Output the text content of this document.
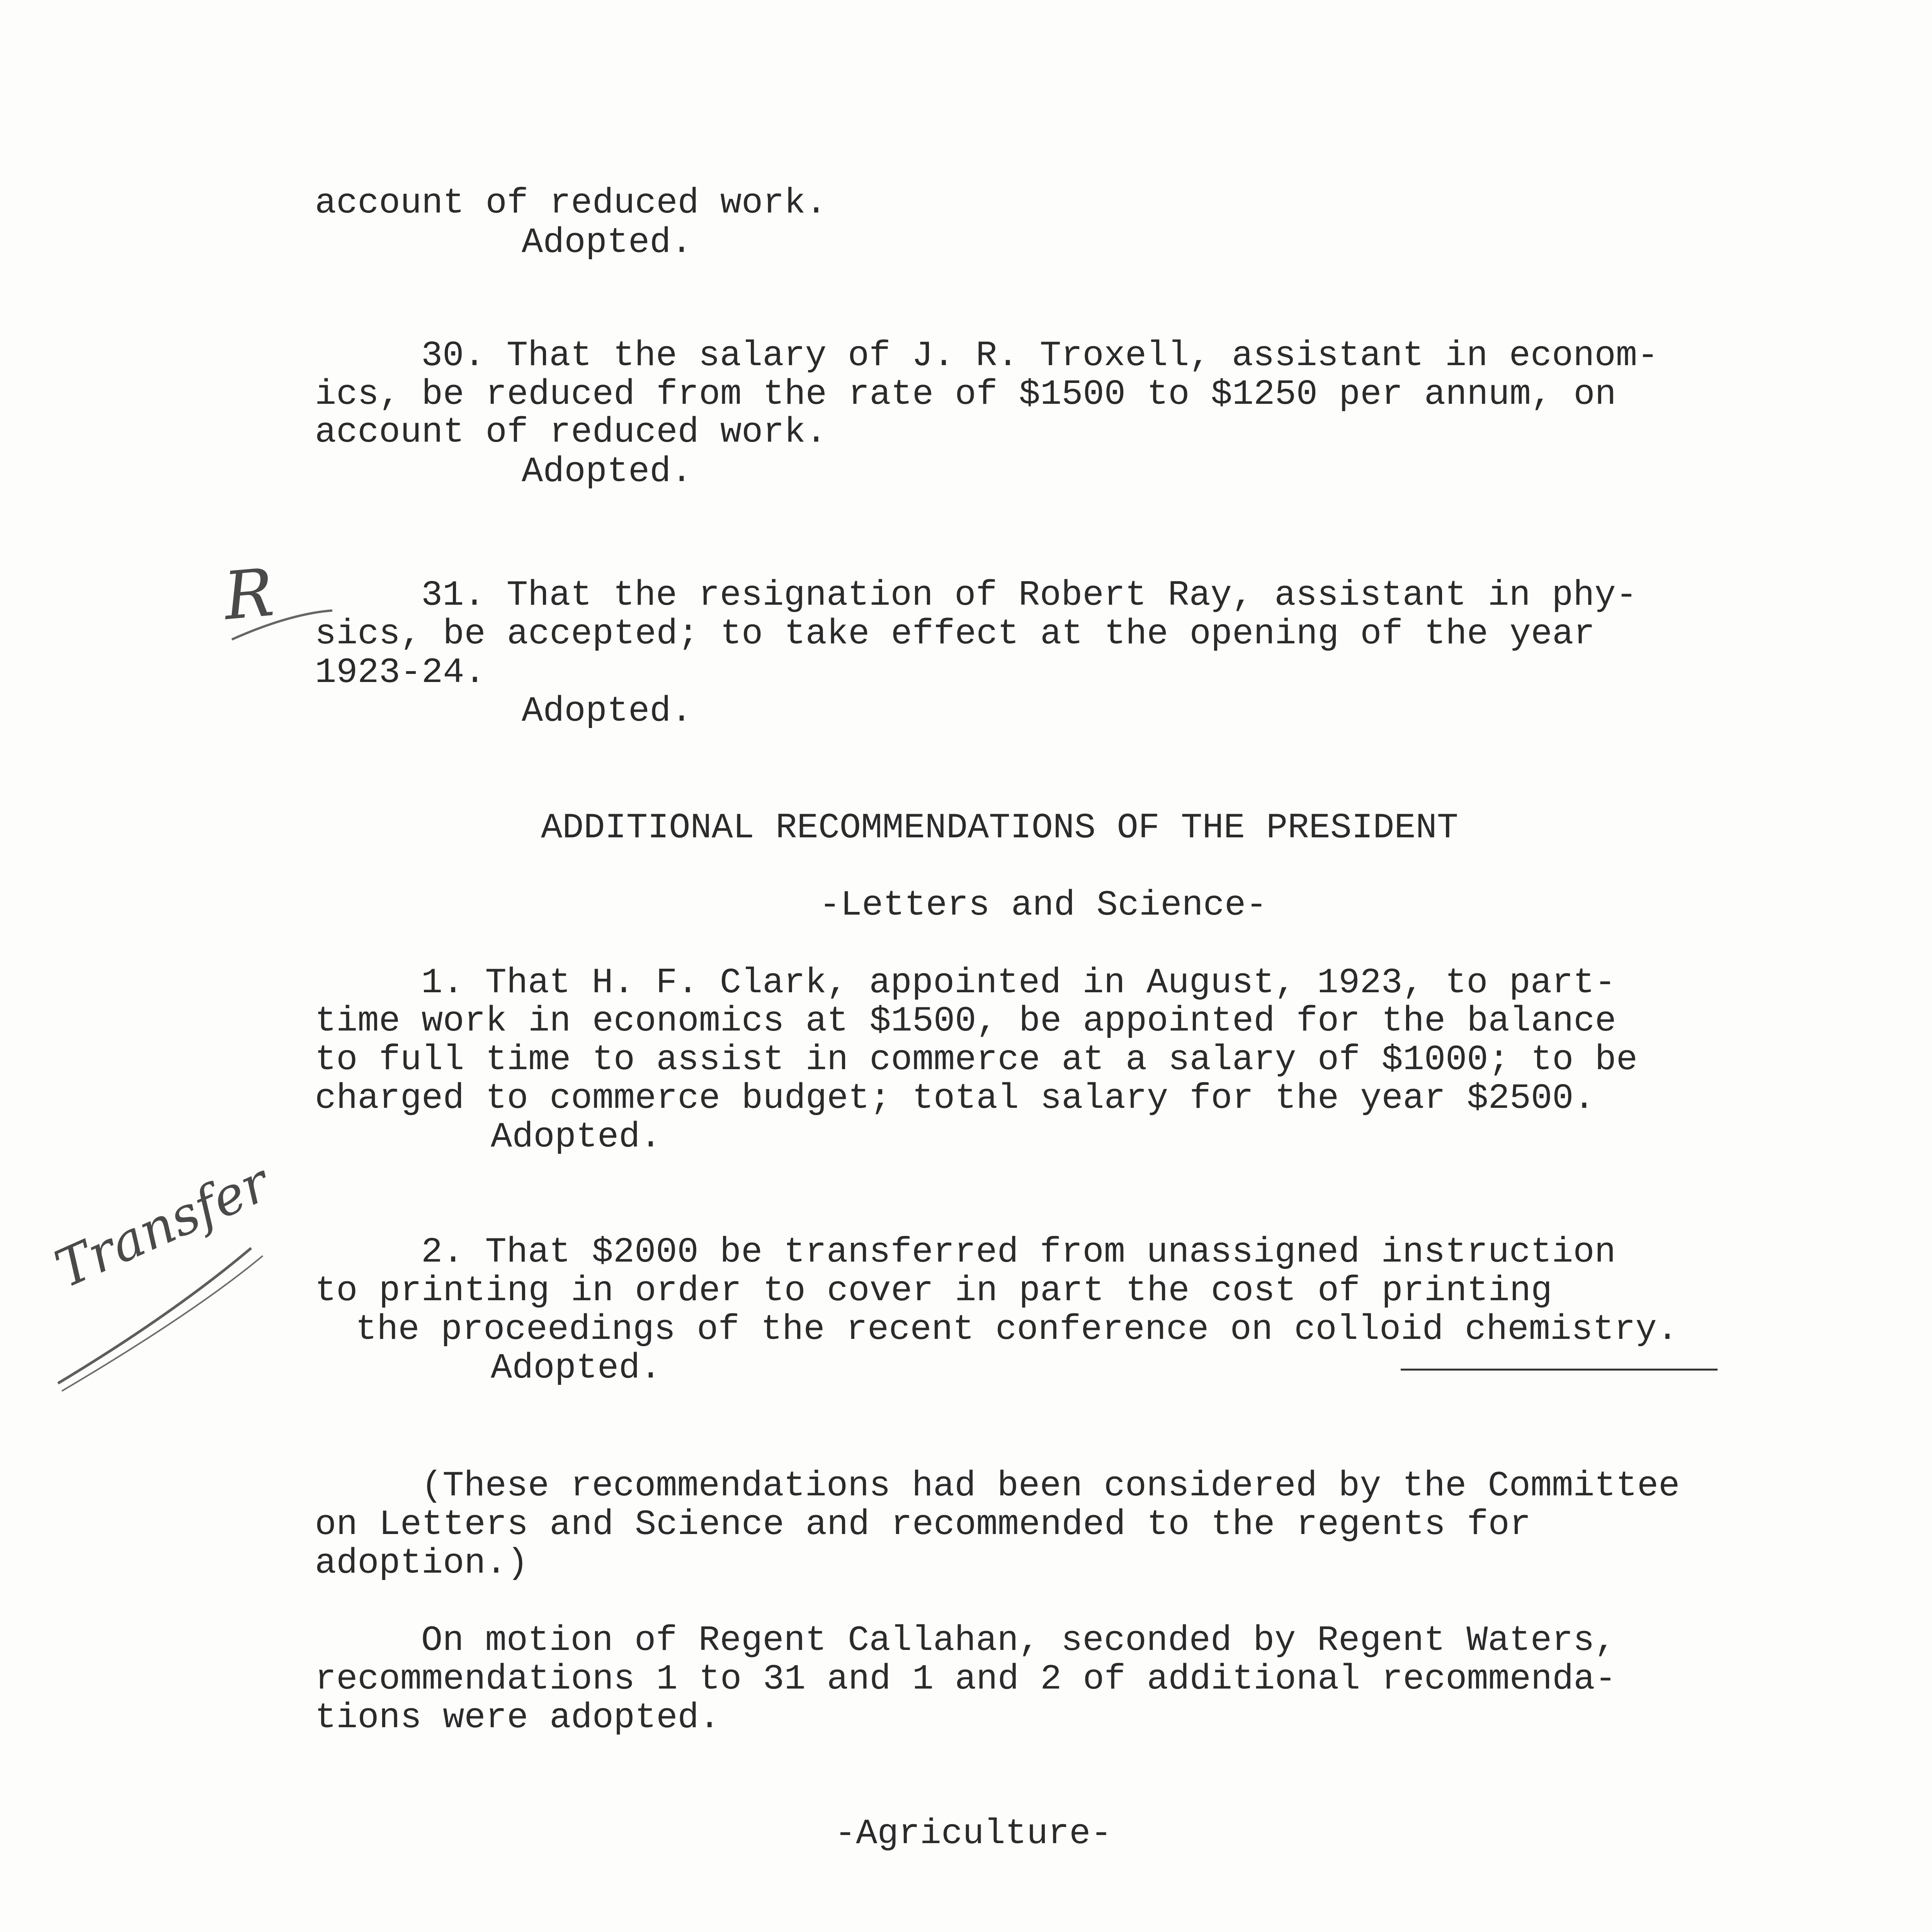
account of reduced work.
Adopted.
30. That the salary of J. R. Troxell, assistant in econom-
ics, be reduced from the rate of $1500 to $1250 per annum, on
account of reduced work.
Adopted.
31. That the resignation of Robert Ray, assistant in phy-
sics, be accepted; to take effect at the opening of the year
1923-24.
Adopted.
ADDITIONAL RECOMMENDATIONS OF THE PRESIDENT
-Letters and Science-
1. That H. F. Clark, appointed in August, 1923, to part-
time work in economics at $1500, be appointed for the balance
to full time to assist in commerce at a salary of $1000; to be
charged to commerce budget; total salary for the year $2500.
Adopted.
2. That $2000 be transferred from unassigned instruction
to printing in order to cover in part the cost of printing
the proceedings of the recent conference on colloid chemistry.
Adopted.
(These recommendations had been considered by the Committee
on Letters and Science and recommended to the regents for
adoption.)
On motion of Regent Callahan, seconded by Regent Waters,
recommendations 1 to 31 and 1 and 2 of additional recommenda-
tions were adopted.
-Agriculture-
R
Transfer
